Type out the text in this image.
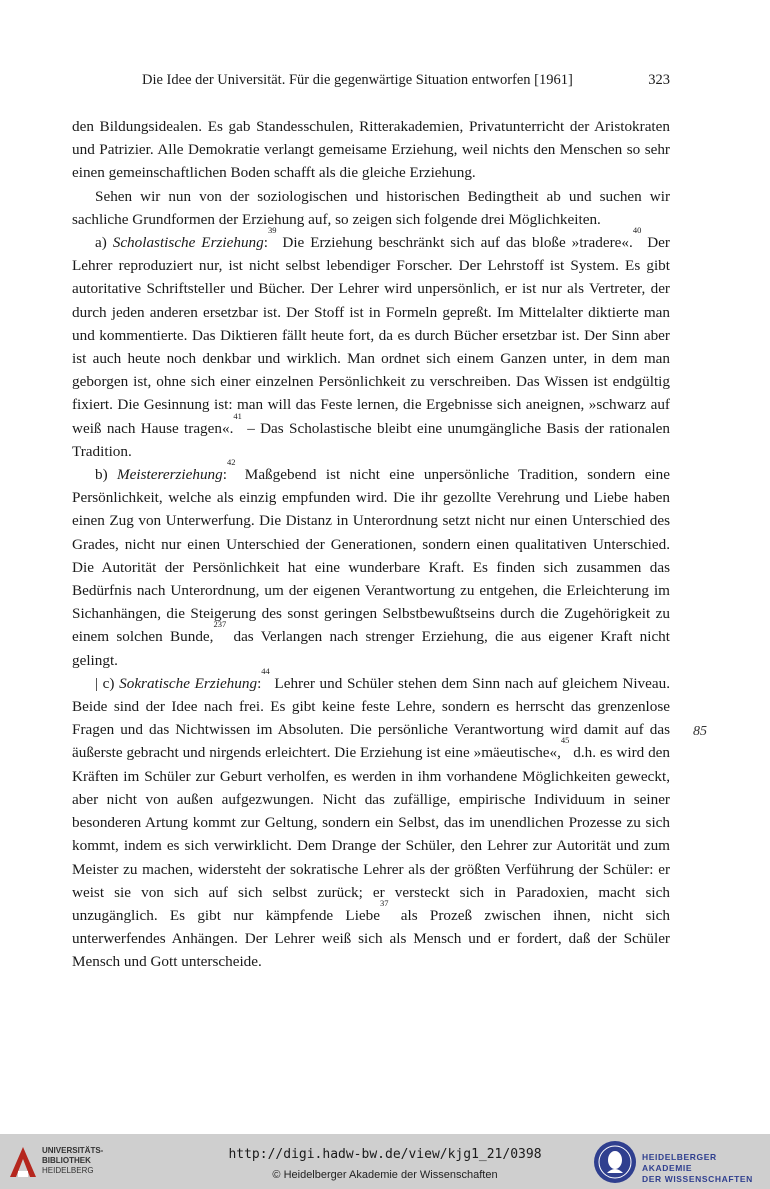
Die Idee der Universität. Für die gegenwärtige Situation entworfen [1961]	323
85

den Bildungsidealen. Es gab Standesschulen, Ritterakademien, Privatunterricht der Aristokraten und Patrizier. Alle Demokratie verlangt gemeisame Erziehung, weil nichts den Menschen so sehr einen gemeinschaftlichen Boden schafft als die gleiche Erziehung.

Sehen wir nun von der soziologischen und historischen Bedingtheit ab und suchen wir sachliche Grundformen der Erziehung auf, so zeigen sich folgende drei Möglichkeiten.

a) Scholastische Erziehung:$^{39}$ Die Erziehung beschränkt sich auf das bloße »tradere«.$^{40}$ Der Lehrer reproduziert nur, ist nicht selbst lebendiger Forscher. Der Lehrstoff ist System. Es gibt autoritative Schriftsteller und Bücher. Der Lehrer wird unpersönlich, er ist nur als Vertreter, der durch jeden anderen ersetzbar ist. Der Stoff ist in Formeln gepreßt. Im Mittelalter diktierte man und kommentierte. Das Diktieren fällt heute fort, da es durch Bücher ersetzbar ist. Der Sinn aber ist auch heute noch denkbar und wirklich. Man ordnet sich einem Ganzen unter, in dem man geborgen ist, ohne sich einer einzelnen Persönlichkeit zu verschreiben. Das Wissen ist endgültig fixiert. Die Gesinnung ist: man will das Feste lernen, die Ergebnisse sich aneignen, »schwarz auf weiß nach Hause tragen«.$^{41}$ – Das Scholastische bleibt eine unumgängliche Basis der rationalen Tradition.

b) Meistererziehung:$^{42}$ Maßgebend ist nicht eine unpersönliche Tradition, sondern eine Persönlichkeit, welche als einzig empfunden wird. Die ihr gezollte Verehrung und Liebe haben einen Zug von Unterwerfung. Die Distanz in Unterordnung setzt nicht nur einen Unterschied des Grades, nicht nur einen Unterschied der Generationen, sondern einen qualitativen Unterschied. Die Autorität der Persönlichkeit hat eine wunderbare Kraft. Es finden sich zusammen das Bedürfnis nach Unterordnung, um der eigenen Verantwortung zu entgehen, die Erleichterung im Sichanhängen, die Steigerung des sonst geringen Selbstbewußtseins durch die Zugehörigkeit zu einem solchen Bunde,$^{237}$ das Verlangen nach strenger Erziehung, die aus eigener Kraft nicht gelingt.

| c) Sokratische Erziehung:$^{44}$ Lehrer und Schüler stehen dem Sinn nach auf gleichem Niveau. Beide sind der Idee nach frei. Es gibt keine feste Lehre, sondern es herrscht das grenzenlose Fragen und das Nichtwissen im Absoluten. Die persönliche Verantwortung wird damit auf das äußerste gebracht und nirgends erleichtert. Die Erziehung ist eine »mäeutische«,$^{45}$ d.h. es wird den Kräften im Schüler zur Geburt verholfen, es werden in ihm vorhandene Möglichkeiten geweckt, aber nicht von außen aufgezwungen. Nicht das zufällige, empirische Individuum in seiner besonderen Artung kommt zur Geltung, sondern ein Selbst, das im unendlichen Prozesse zu sich kommt, indem es sich verwirklicht. Dem Drange der Schüler, den Lehrer zur Autorität und zum Meister zu machen, widersteht der sokratische Lehrer als der größten Verführung der Schüler: er weist sie von sich auf sich selbst zurück; er versteckt sich in Paradoxien, macht sich unzugänglich. Es gibt nur kämpfende Liebe$^{37}$ als Prozeß zwischen ihnen, nicht sich unterwerfendes Anhängen. Der Lehrer weiß sich als Mensch und er fordert, daß der Schüler Mensch und Gott unterscheide.

UNIVERSITÄTS-
BIBLIOTHEK
HEIDELBERG
http://digi.hadw-bw.de/view/kjg1_21/0398
© Heidelberger Akademie der Wissenschaften
HEIDELBERGER AKADEMIE
DER WISSENSCHAFTEN
